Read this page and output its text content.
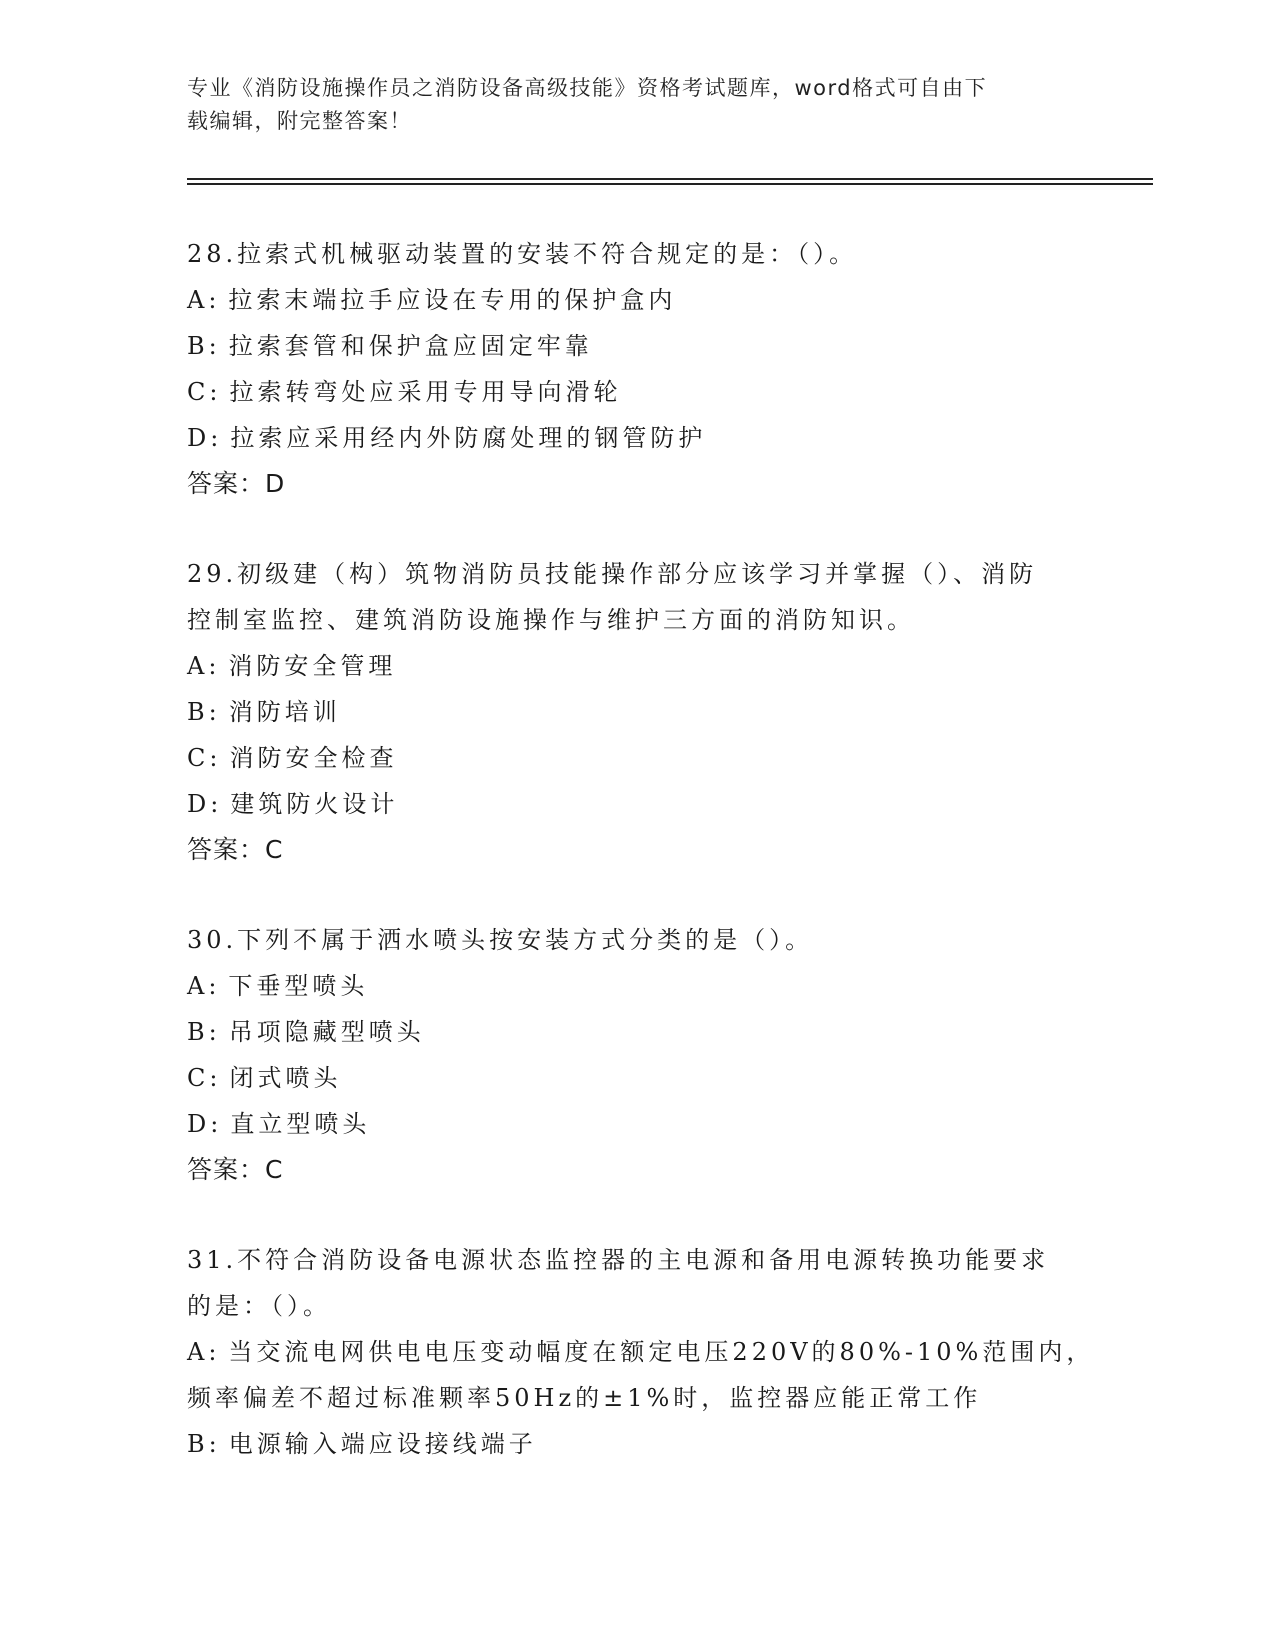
专业《消防设施操作员之消防设备高级技能》资格考试题库，word格式可自由下
载编辑，附完整答案！
28.拉索式机械驱动装置的安装不符合规定的是：（）。
A: 拉索末端拉手应设在专用的保护盒内
B: 拉索套管和保护盒应固定牢靠
C: 拉索转弯处应采用专用导向滑轮
D: 拉索应采用经内外防腐处理的钢管防护
答案：D
29.初级建（构）筑物消防员技能操作部分应该学习并掌握（）、消防
控制室监控、建筑消防设施操作与维护三方面的消防知识。
A: 消防安全管理
B: 消防培训
C: 消防安全检查
D: 建筑防火设计
答案：C
30.下列不属于洒水喷头按安装方式分类的是（）。
A: 下垂型喷头
B: 吊项隐藏型喷头
C: 闭式喷头
D: 直立型喷头
答案：C
31.不符合消防设备电源状态监控器的主电源和备用电源转换功能要求
的是：（）。
A: 当交流电网供电电压变动幅度在额定电压220V的80%-10%范围内，
频率偏差不超过标准颗率50Hz的±1%时，监控器应能正常工作
B: 电源输入端应设接线端子
